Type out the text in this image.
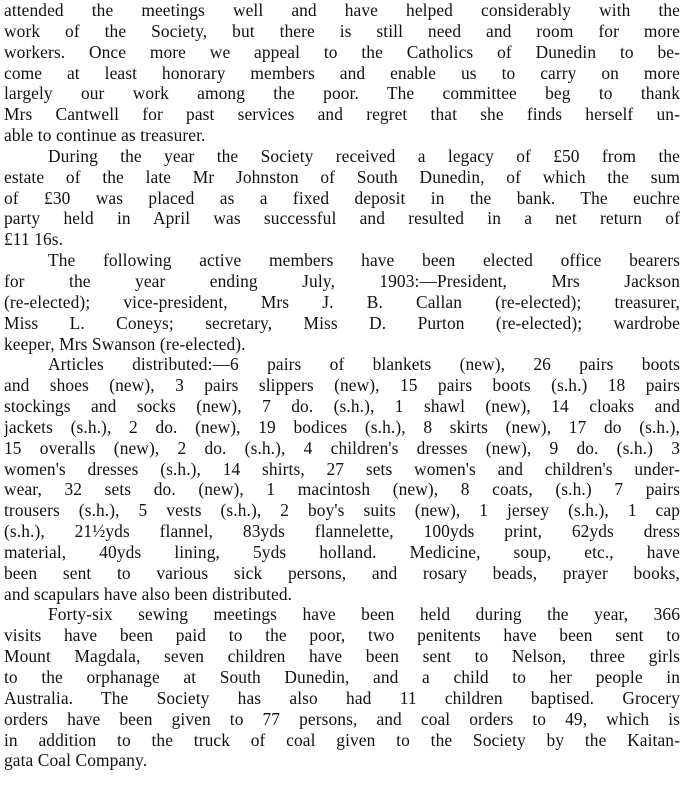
attended the meetings well and have helped considerably with the
work of the Society, but there is still need and room for more
workers. Once more we appeal to the Catholics of Dunedin to be-
come at least honorary members and enable us to carry on more
largely our work among the poor. The committee beg to thank
Mrs Cantwell for past services and regret that she finds herself un-
able to continue as treasurer.
During the year the Society received a legacy of £50 from the
estate of the late Mr Johnston of South Dunedin, of which the sum
of £30 was placed as a fixed deposit in the bank. The euchre
party held in April was successful and resulted in a net return of
£11 16s.
The following active members have been elected office bearers
for the year ending July, 1903:—President, Mrs Jackson
(re-elected); vice-president, Mrs J. B. Callan (re-elected); treasurer,
Miss L. Coneys; secretary, Miss D. Purton (re-elected); wardrobe
keeper, Mrs Swanson (re-elected).
Articles distributed:—6 pairs of blankets (new), 26 pairs boots
and shoes (new), 3 pairs slippers (new), 15 pairs boots (s.h.) 18 pairs
stockings and socks (new), 7 do. (s.h.), 1 shawl (new), 14 cloaks and
jackets (s.h.), 2 do. (new), 19 bodices (s.h.), 8 skirts (new), 17 do (s.h.),
15 overalls (new), 2 do. (s.h.), 4 children's dresses (new), 9 do. (s.h.) 3
women's dresses (s.h.), 14 shirts, 27 sets women's and children's under-
wear, 32 sets do. (new), 1 macintosh (new), 8 coats, (s.h.) 7 pairs
trousers (s.h.), 5 vests (s.h.), 2 boy's suits (new), 1 jersey (s.h.), 1 cap
(s.h.), 21½yds flannel, 83yds flannelette, 100yds print, 62yds dress
material, 40yds lining, 5yds holland. Medicine, soup, etc., have
been sent to various sick persons, and rosary beads, prayer books,
and scapulars have also been distributed.
Forty-six sewing meetings have been held during the year, 366
visits have been paid to the poor, two penitents have been sent to
Mount Magdala, seven children have been sent to Nelson, three girls
to the orphanage at South Dunedin, and a child to her people in
Australia. The Society has also had 11 children baptised. Grocery
orders have been given to 77 persons, and coal orders to 49, which is
in addition to the truck of coal given to the Society by the Kaitan-
gata Coal Company.
